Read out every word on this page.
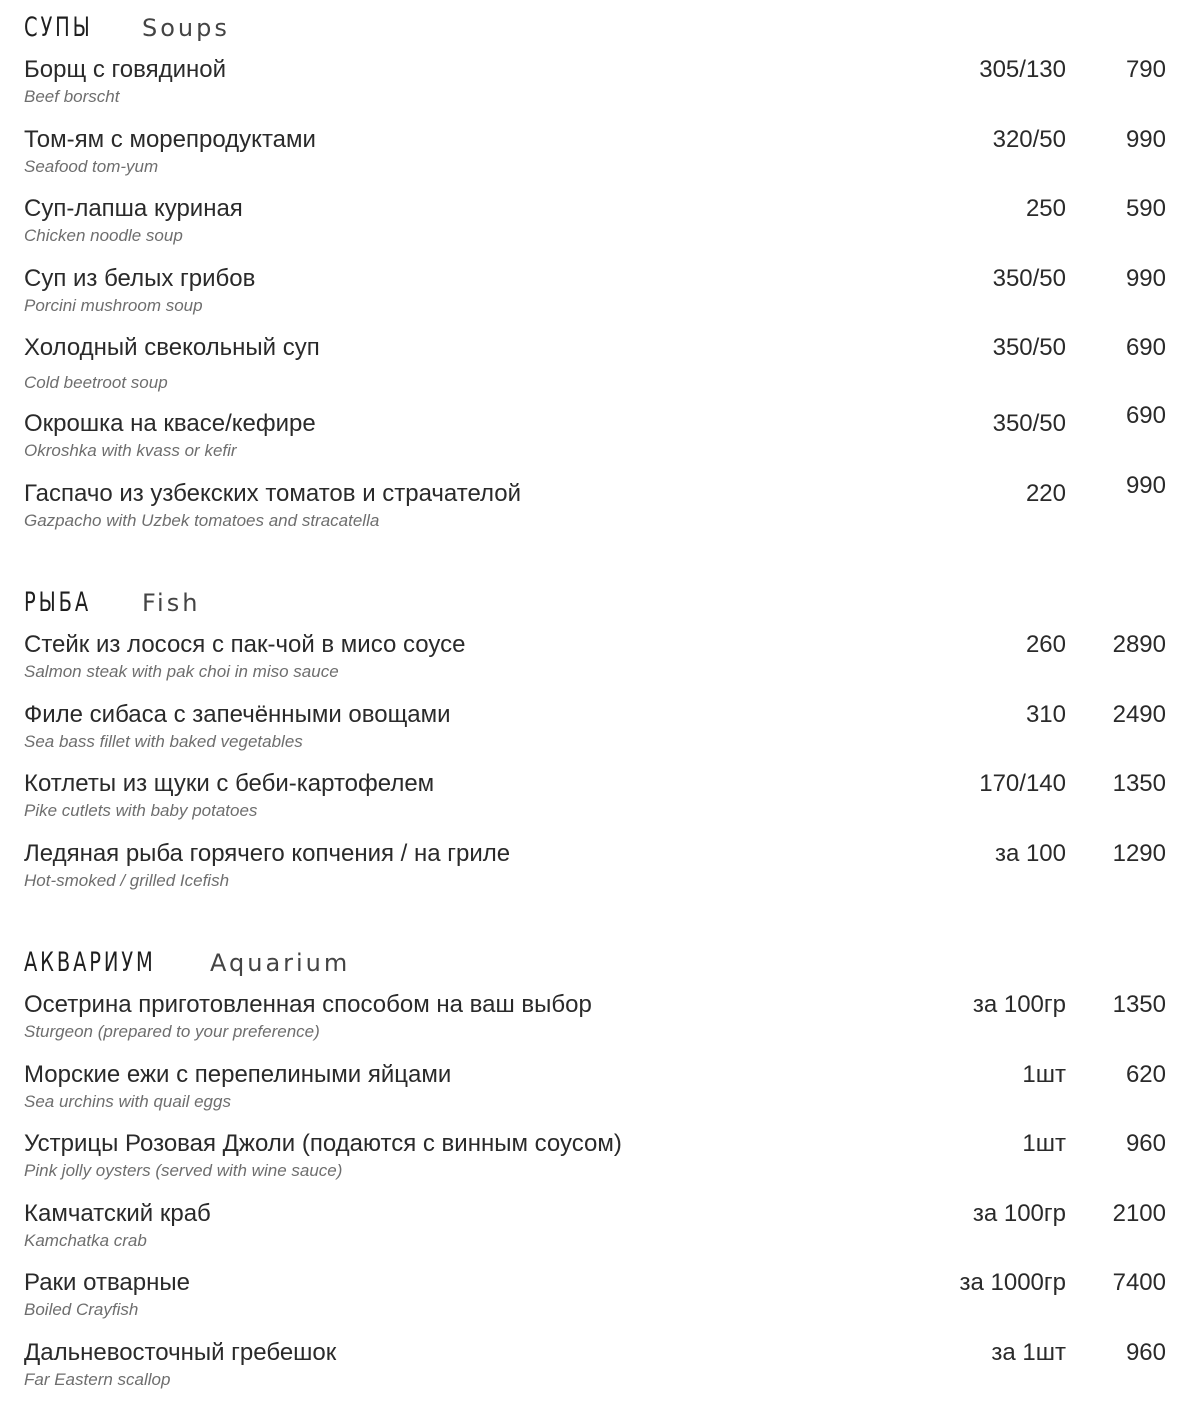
СУПЫ	Soups
Борщ с говядиной
Beef borscht
305/130 790
Том-ям с морепродуктами
Seafood tom-yum
320/50 990
Суп-лапша куриная
Chicken noodle soup
250 590
Суп из белых грибов
Porcini mushroom soup
350/50 990
Холодный свекольный суп
Cold beetroot soup
350/50 690
Окрошка на квасе/кефире
Okroshka with kvass or kefir
350/50 690
Гаспачо из узбекских томатов и страчателой
Gazpacho with Uzbek tomatoes and stracatella
220 990
РЫБА	Fish
Стейк из лосося с пак-чой в мисо соусе
Salmon steak with pak choi in miso sauce
260 2890
Филе сибаса с запечёнными овощами
Sea bass fillet with baked vegetables
310 2490
Котлеты из щуки с беби-картофелем
Pike cutlets with baby potatoes
170/140 1350
Ледяная рыба горячего копчения / на гриле
Hot-smoked / grilled Icefish
за 100 1290
АКВАРИУМ Aquarium
Осетрина приготовленная способом на ваш выбор
Sturgeon (prepared to your preference)
за 100гр 1350
Морские ежи с перепелиными яйцами
Sea urchins with quail eggs
1шт 620
Устрицы Розовая Джоли (подаются с винным соусом)
Pink jolly oysters (served with wine sauce)
1шт 960
Камчатский краб
Kamchatka crab
за 100гр 2100
Раки отварные
Boiled Crayfish
за 1000гр 7400
Дальневосточный гребешок
Far Eastern scallop
за 1шт 960
